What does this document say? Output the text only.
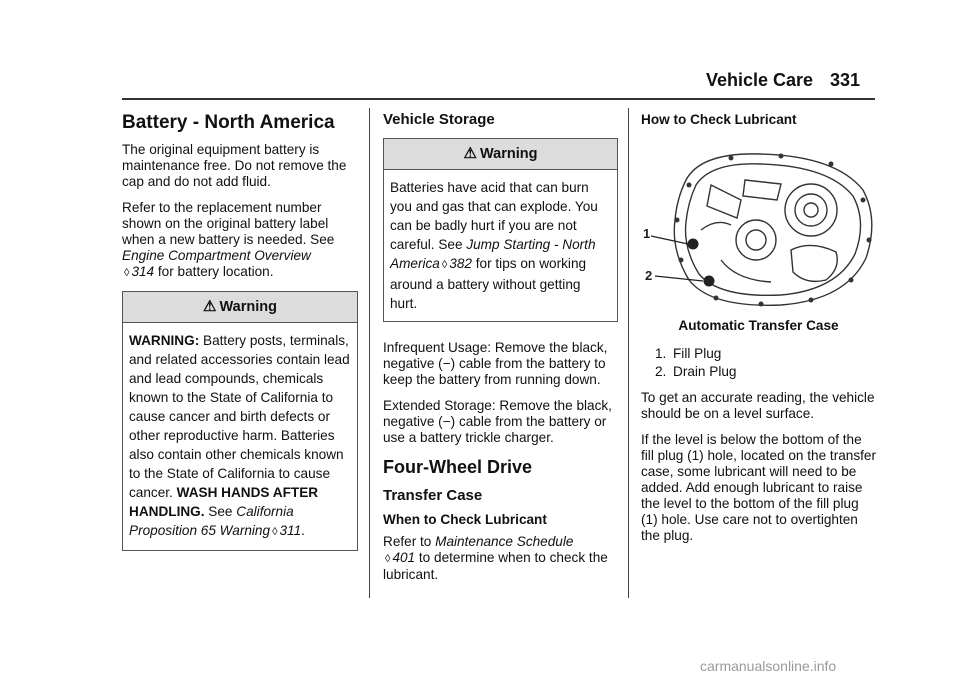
Vehicle Care 331
Battery - North America

The original equipment battery is maintenance free. Do not remove the cap and do not add fluid.

Refer to the replacement number shown on the original battery label when a new battery is needed. See Engine Compartment Overview
◊ 314 for battery location.

⚠ Warning
WARNING: Battery posts, terminals, and related accessories contain lead and lead compounds, chemicals known to the State of California to cause cancer and birth defects or other reproductive harm. Batteries also contain other chemicals known to the State of California to cause cancer. WASH HANDS AFTER HANDLING. See California Proposition 65 Warning ◊ 311.
Vehicle Storage
⚠ Warning
Batteries have acid that can burn you and gas that can explode. You can be badly hurt if you are not careful. See Jump Starting - North America ◊ 382 for tips on working around a battery without getting hurt.

Infrequent Usage: Remove the black, negative (−) cable from the battery to keep the battery from running down.

Extended Storage: Remove the black, negative (−) cable from the battery or use a battery trickle charger.

Four-Wheel Drive
Transfer Case
When to Check Lubricant

Refer to Maintenance Schedule
◊ 401 to determine when to check the lubricant.

How to Check Lubricant
1
2

Automatic Transfer Case

1. Fill Plug
2. Drain Plug

To get an accurate reading, the vehicle should be on a level surface.

If the level is below the bottom of the fill plug (1) hole, located on the transfer case, some lubricant will need to be added. Add enough lubricant to raise the level to the bottom of the fill plug (1) hole. Use care not to overtighten the plug.

carmanualsonline.info
